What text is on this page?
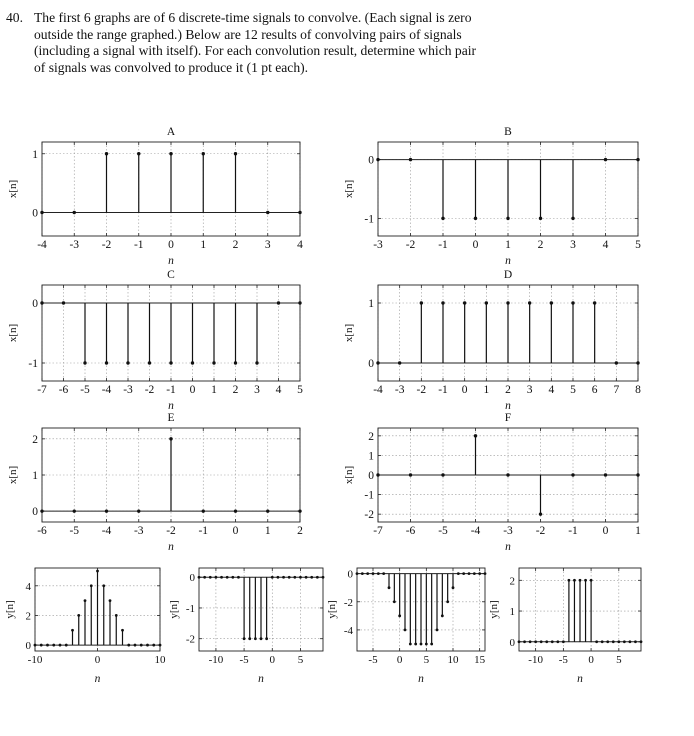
40. The first 6 graphs are of 6 discrete-time signals to convolve. (Each signal is zero
outside the range graphed.) Below are 12 results of convolving pairs of signals
(including a signal with itself). For each convolution result, determine which pair
of signals was convolved to produce it (1 pt each).
-4 -3 -2 -1 0 1 2 3 4
0
1
n
x[n]
A
-3 -2 -1 0 1 2 3 4 5
-1
0
n
x[n]
B
-7 -6 -5 -4 -3 -2 -1 0 1 2 3 4 5
-1
0
n
x[n]
C
-4 -3 -2 -1 0 1 2 3 4 5 6 7 8
0
1
n
x[n]
D
-6 -5 -4 -3 -2 -1 0 1 2
0
1
2
n
x[n]
E
-7 -6 -5 -4 -3 -2 -1 0 1
-2
-1
0
1
2
n
x[n]
F
-10	0	10
0
2
4
n
y[n]
-10 -5 0 5
-2
-1
0
n
y[n]
-5 0 5 10 15
-4
-2
0
n
y[n]
-10 -5 0 5
0
1
2
n
y[n]
